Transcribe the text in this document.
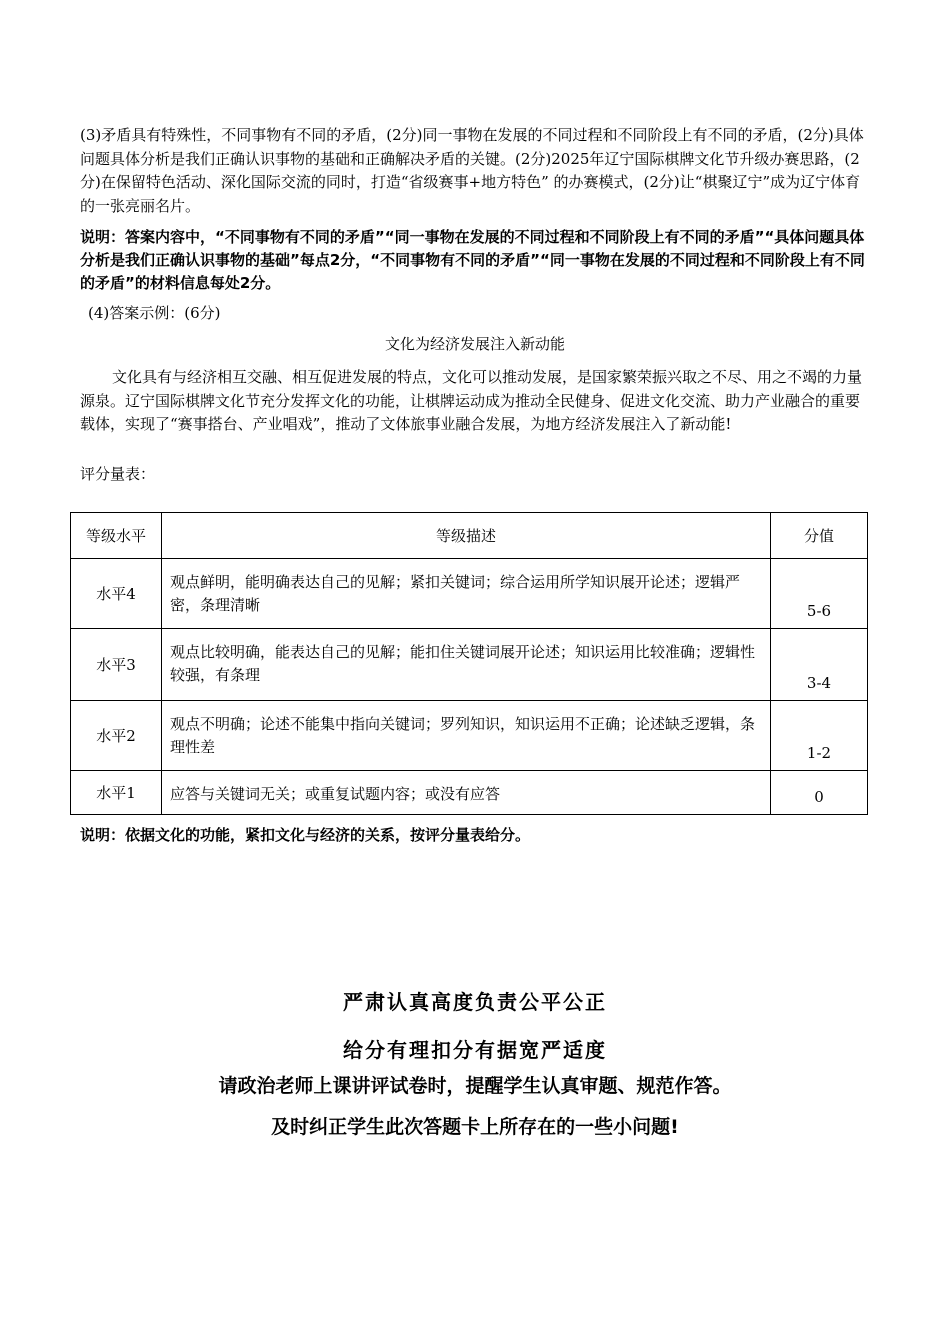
(3)矛盾具有特殊性，不同事物有不同的矛盾，(2分)同一事物在发展的不同过程和不同阶段上有不同的矛盾，(2分)具体问题具体分析是我们正确认识事物的基础和正确解决矛盾的关键。(2分)2025年辽宁国际棋牌文化节升级办赛思路，(2分)在保留特色活动、深化国际交流的同时，打造“省级赛事+地方特色” 的办赛模式，(2分)让“棋聚辽宁”成为辽宁体育的一张亮丽名片。
说明：答案内容中，“不同事物有不同的矛盾”“同一事物在发展的不同过程和不同阶段上有不同的矛盾”“具体问题具体分析是我们正确认识事物的基础”每点2分，“不同事物有不同的矛盾”“同一事物在发展的不同过程和不同阶段上有不同的矛盾”的材料信息每处2分。
(4)答案示例：(6分)
文化为经济发展注入新动能
文化具有与经济相互交融、相互促进发展的特点，文化可以推动发展，是国家繁荣振兴取之不尽、用之不竭的力量源泉。辽宁国际棋牌文化节充分发挥文化的功能，让棋牌运动成为推动全民健身、促进文化交流、助力产业融合的重要载体，实现了“赛事搭台、产业唱戏”，推动了文体旅事业融合发展，为地方经济发展注入了新动能!
评分量表：
等级水平	等级描述	分值
水平4	观点鲜明，能明确表达自己的见解；紧扣关键词；综合运用所学知识展开论述；逻辑严密，条理清晰	5-6
水平3	观点比较明确，能表达自己的见解；能扣住关键词展开论述；知识运用比较准确；逻辑性较强，有条理	3-4
水平2	观点不明确；论述不能集中指向关键词；罗列知识，知识运用不正确；论述缺乏逻辑，条理性差	1-2
水平1	应答与关键词无关；或重复试题内容；或没有应答	0
说明：依据文化的功能，紧扣文化与经济的关系，按评分量表给分。
严肃认真高度负责公平公正
给分有理扣分有据宽严适度
请政治老师上课讲评试卷时，提醒学生认真审题、规范作答。
及时纠正学生此次答题卡上所存在的一些小问题!
